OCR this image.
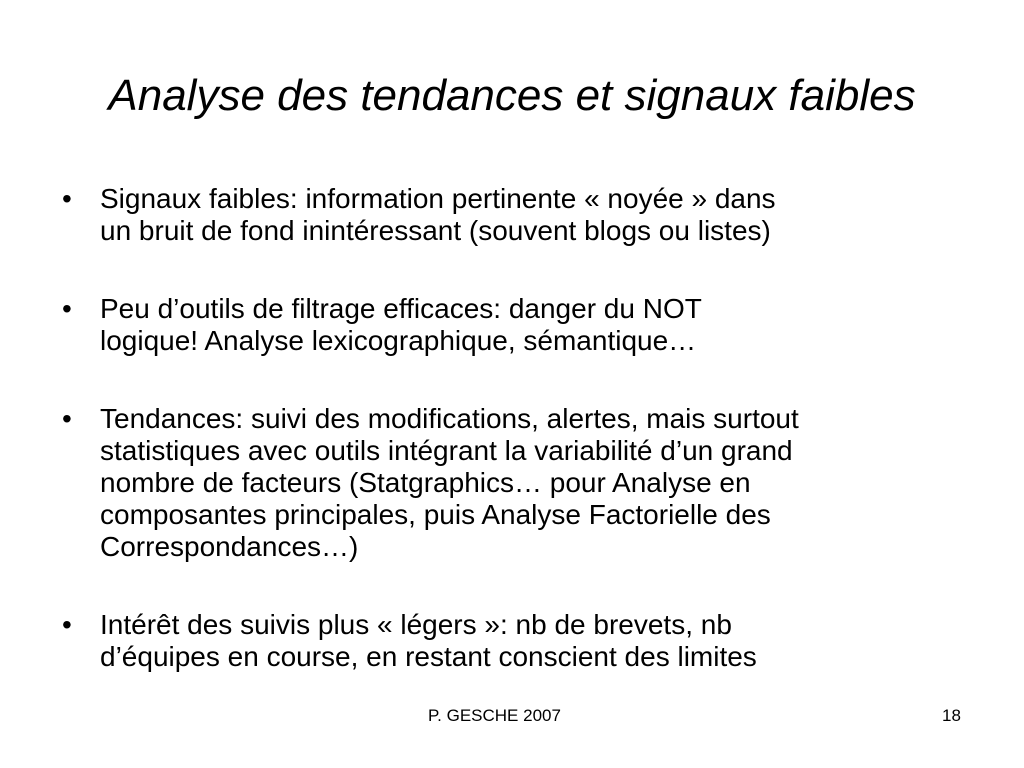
Analyse des tendances et signaux faibles
•	Signaux faibles: information pertinente « noyée » dans
un bruit de fond inintéressant (souvent blogs ou listes)
•	Peu d’outils de filtrage efficaces: danger du NOT
logique! Analyse lexicographique, sémantique…
•	Tendances: suivi des modifications, alertes, mais surtout
statistiques avec outils intégrant la variabilité d’un grand
nombre de facteurs (Statgraphics… pour Analyse en
composantes principales, puis Analyse Factorielle des
Correspondances…)
•	Intérêt des suivis plus « légers »: nb de brevets, nb
d’équipes en course, en restant conscient des limites
P. GESCHE 2007	18
